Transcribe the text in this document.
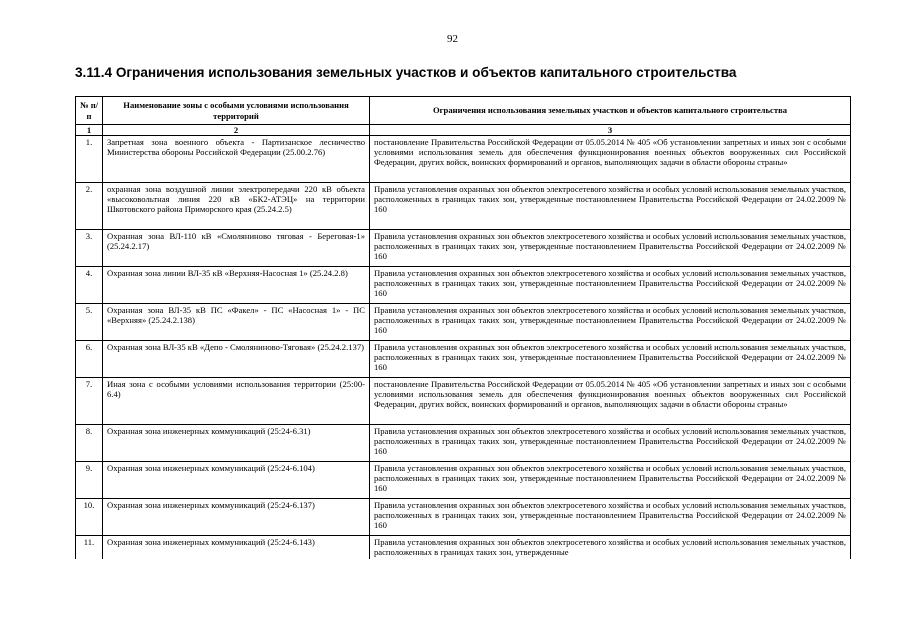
92
3.11.4 Ограничения использования земельных участков и объектов капитального строительства
№ п/п	Наименование зоны с особыми условиями использования территорий	Ограничения использования земельных участков и объектов капитального строительства
1	2	3
1.	Запретная зона военного объекта - Партизанское лесничество Министерства обороны Российской Федерации (25.00.2.76)	постановление Правительства Российской Федерации от 05.05.2014 № 405 «Об установлении запретных и иных зон с особыми условиями использования земель для обеспечения функционирования военных объектов вооруженных сил Российской Федерации, других войск, воинских формирований и органов, выполняющих задачи в области обороны страны»
2.	охранная зона воздушной линии электропередачи 220 кВ объекта «высоковольтная линия 220 кВ «БК2-АТЭЦ» на территории Шкотовского района Приморского края (25.24.2.5)	Правила установления охранных зон объектов электросетевого хозяйства и особых условий использования земельных участков, расположенных в границах таких зон, утвержденные постановлением Правительства Российской Федерации от 24.02.2009 № 160
3.	Охранная зона ВЛ-110 кВ «Смоляниново тяговая - Береговая-1» (25.24.2.17)	Правила установления охранных зон объектов электросетевого хозяйства и особых условий использования земельных участков, расположенных в границах таких зон, утвержденные постановлением Правительства Российской Федерации от 24.02.2009 № 160
4.	Охранная зона линии ВЛ-35 кВ «Верхняя-Насосная 1» (25.24.2.8)	Правила установления охранных зон объектов электросетевого хозяйства и особых условий использования земельных участков, расположенных в границах таких зон, утвержденные постановлением Правительства Российской Федерации от 24.02.2009 № 160
5.	Охранная зона ВЛ-35 кВ ПС «Факел» - ПС «Насосная 1» - ПС «Верхняя» (25.24.2.138)	Правила установления охранных зон объектов электросетевого хозяйства и особых условий использования земельных участков, расположенных в границах таких зон, утвержденные постановлением Правительства Российской Федерации от 24.02.2009 № 160
6.	Охранная зона ВЛ-35 кВ «Депо - Смоляниново-Тяговая» (25.24.2.137)	Правила установления охранных зон объектов электросетевого хозяйства и особых условий использования земельных участков, расположенных в границах таких зон, утвержденные постановлением Правительства Российской Федерации от 24.02.2009 № 160
7.	Иная зона с особыми условиями использования территории (25:00-6.4)	постановление Правительства Российской Федерации от 05.05.2014 № 405 «Об установлении запретных и иных зон с особыми условиями использования земель для обеспечения функционирования военных объектов вооруженных сил Российской Федерации, других войск, воинских формирований и органов, выполняющих задачи в области обороны страны»
8.	Охранная зона инженерных коммуникаций (25:24-6.31)	Правила установления охранных зон объектов электросетевого хозяйства и особых условий использования земельных участков, расположенных в границах таких зон, утвержденные постановлением Правительства Российской Федерации от 24.02.2009 № 160
9.	Охранная зона инженерных коммуникаций (25:24-6.104)	Правила установления охранных зон объектов электросетевого хозяйства и особых условий использования земельных участков, расположенных в границах таких зон, утвержденные постановлением Правительства Российской Федерации от 24.02.2009 № 160
10.	Охранная зона инженерных коммуникаций (25:24-6.137)	Правила установления охранных зон объектов электросетевого хозяйства и особых условий использования земельных участков, расположенных в границах таких зон, утвержденные постановлением Правительства Российской Федерации от 24.02.2009 № 160
11.	Охранная зона инженерных коммуникаций (25:24-6.143)	Правила установления охранных зон объектов электросетевого хозяйства и особых условий использования земельных участков, расположенных в границах таких зон, утвержденные
